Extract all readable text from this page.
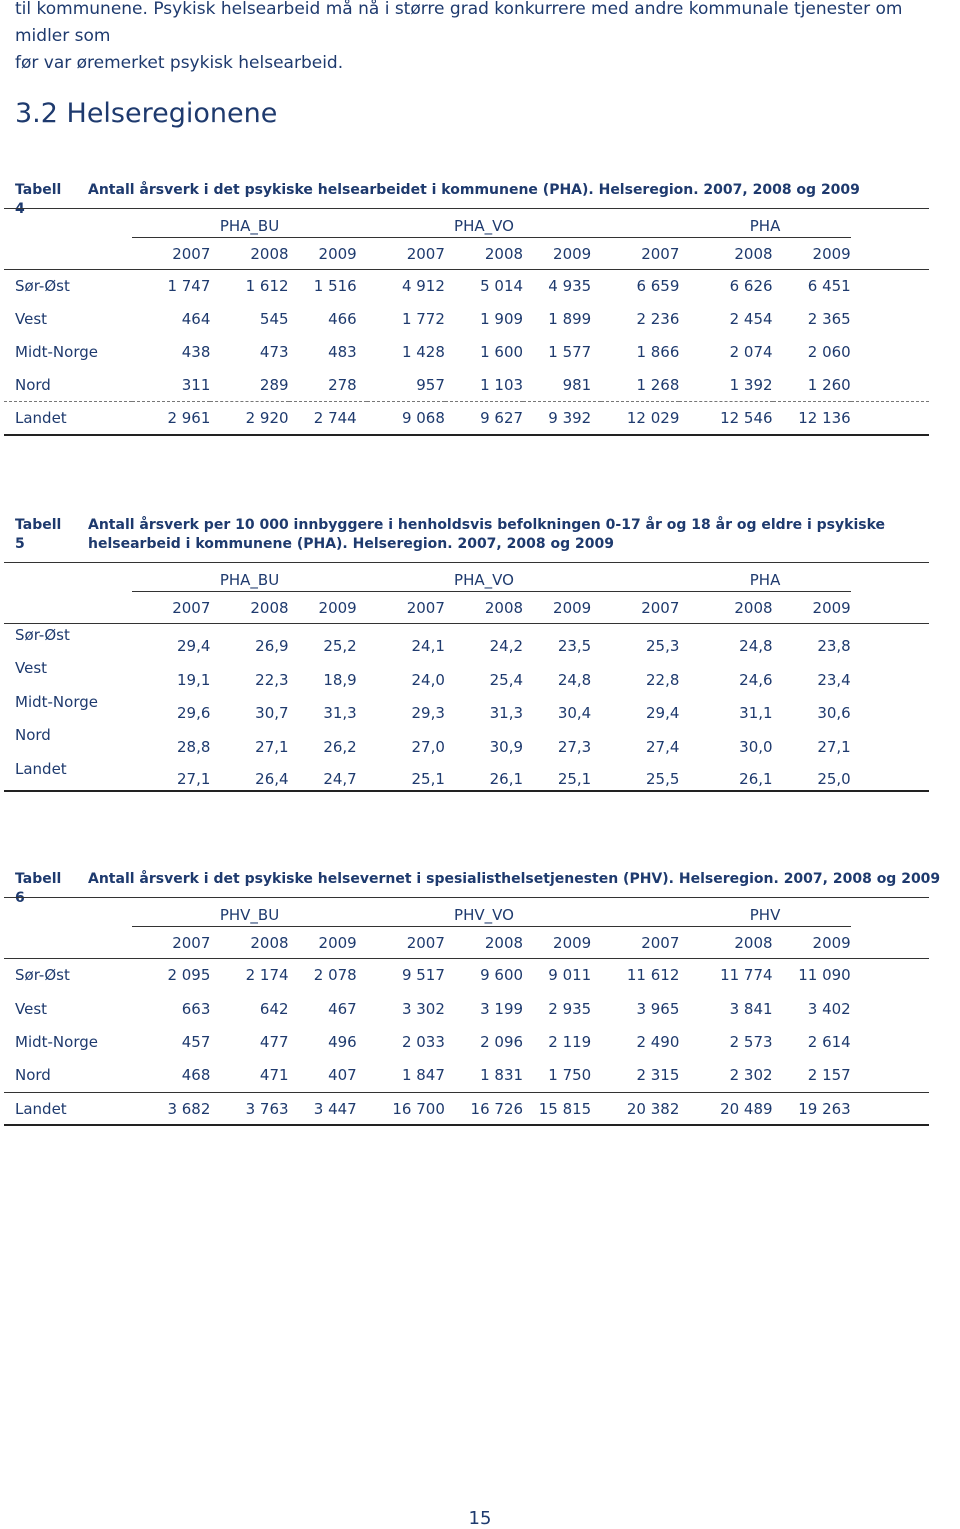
til kommunene. Psykisk helsearbeid må nå i større grad konkurrere med andre kommunale tjenester om midler som
før var øremerket psykisk helsearbeid.
3.2 Helseregionene
Tabell 4
Antall årsverk i det psykiske helsearbeidet i kommunene (PHA). Helseregion. 2007, 2008 og 2009
	PHA_BU			PHA_VO			PHA			
	2007	2008	2009	2007	2008	2009	2007	2008	2009	
Sør-Øst	1 747	1 612	1 516	4 912	5 014	4 935	6 659	6 626	6 451	
Vest	464	545	466	1 772	1 909	1 899	2 236	2 454	2 365	
Midt-Norge	438	473	483	1 428	1 600	1 577	1 866	2 074	2 060	
Nord	311	289	278	957	1 103	981	1 268	1 392	1 260	
Landet	2 961	2 920	2 744	9 068	9 627	9 392	12 029	12 546	12 136	
Tabell 5
Antall årsverk per 10 000 innbyggere i henholdsvis befolkningen 0-17 år og 18 år og eldre i psykiske helsearbeid i kommunene (PHA). Helseregion. 2007, 2008 og 2009
	PHA_BU			PHA_VO			PHA			
	2007	2008	2009	2007	2008	2009	2007	2008	2009	
Sør-Øst	29,4	26,9	25,2	24,1	24,2	23,5	25,3	24,8	23,8	
Vest	19,1	22,3	18,9	24,0	25,4	24,8	22,8	24,6	23,4	
Midt-Norge	29,6	30,7	31,3	29,3	31,3	30,4	29,4	31,1	30,6	
Nord	28,8	27,1	26,2	27,0	30,9	27,3	27,4	30,0	27,1	
Landet	27,1	26,4	24,7	25,1	26,1	25,1	25,5	26,1	25,0	
Tabell 6
Antall årsverk i det psykiske helsevernet i spesialisthelsetjenesten (PHV). Helseregion. 2007, 2008 og 2009
	PHV_BU			PHV_VO			PHV			
	2007	2008	2009	2007	2008	2009	2007	2008	2009	
Sør-Øst	2 095	2 174	2 078	9 517	9 600	9 011	11 612	11 774	11 090	
Vest	663	642	467	3 302	3 199	2 935	3 965	3 841	3 402	
Midt-Norge	457	477	496	2 033	2 096	2 119	2 490	2 573	2 614	
Nord	468	471	407	1 847	1 831	1 750	2 315	2 302	2 157	
Landet	3 682	3 763	3 447	16 700	16 726	15 815	20 382	20 489	19 263	
15
